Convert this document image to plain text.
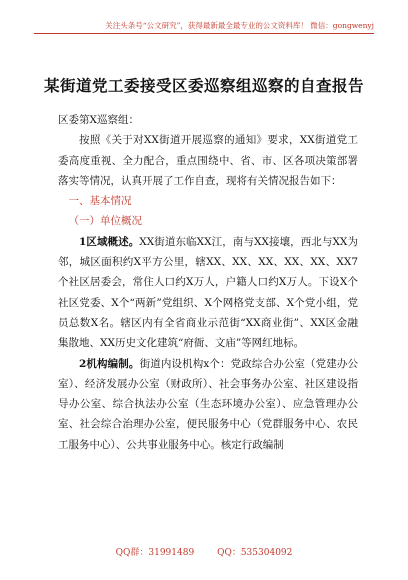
关注头条号“公文研究”，获得最新最全最专业的公文资料库！ 微信：gongwenyj
某街道党工委接受区委巡察组巡察的自查报告

区委第X巡察组：

按照《关于对XX街道开展巡察的通知》要求，XX街道党工委高度重视、全力配合，重点围绕中、省、市、区各项决策部署落实等情况，认真开展了工作自查，现将有关情况报告如下：

一、基本情况

（一）单位概况

1区域概述。XX街道东临XX江，南与XX接壤，西北与XX为邻，城区面积约X平方公里，辖XX、XX、XX、XX、XX、XX7个社区居委会，常住人口约X万人，户籍人口约X万人。下设X个社区党委、X个“两新”党组织、X个网格党支部、X个党小组，党员总数X名。辖区内有全省商业示范街“XX商业街”、XX区金融集散地、XX历史文化建筑“府衙、文庙”等网红地标。

2机构编制。街道内设机构x个：党政综合办公室（党建办公室）、经济发展办公室（财政所）、社会事务办公室、社区建设指导办公室、综合执法办公室（生态环境办公室）、应急管理办公室、社会综合治理办公室，便民服务中心（党群服务中心、农民工服务中心）、公共事业服务中心。核定行政编制

QQ群：31991489	QQ：535304092
